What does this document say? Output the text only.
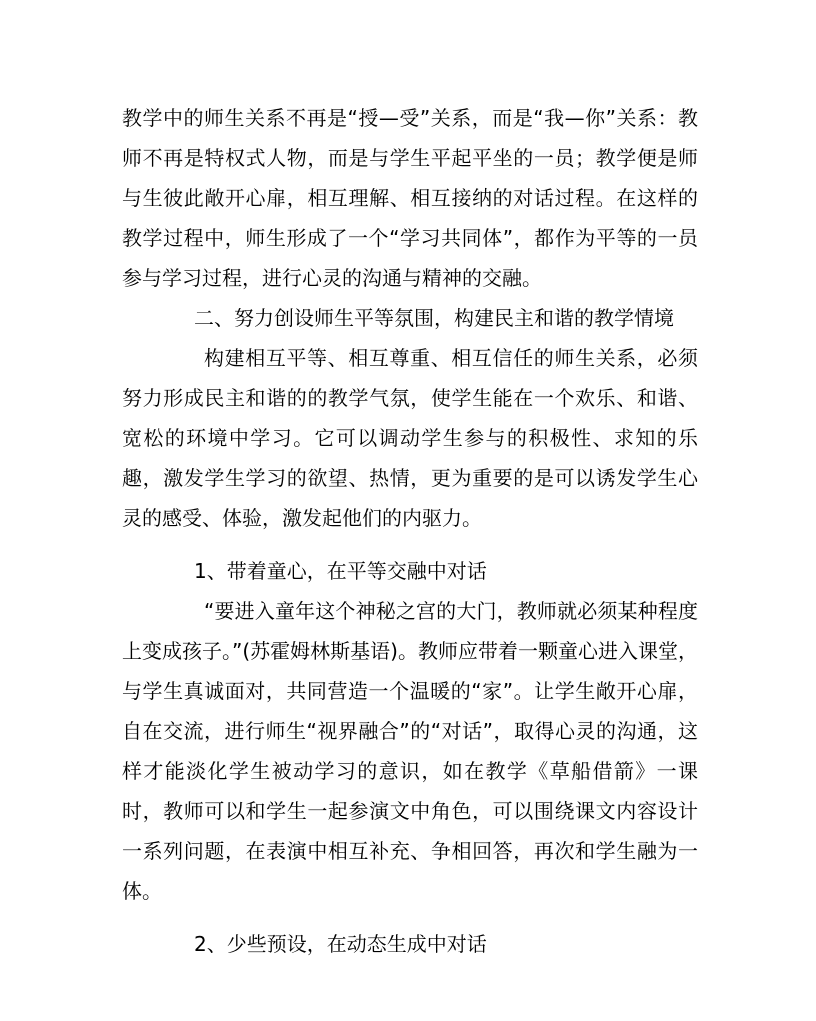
教学中的师生关系不再是“授—受”关系，而是“我—你”关系：教师不再是特权式人物，而是与学生平起平坐的一员；教学便是师与生彼此敞开心扉，相互理解、相互接纳的对话过程。在这样的教学过程中，师生形成了一个“学习共同体”，都作为平等的一员参与学习过程，进行心灵的沟通与精神的交融。

二、努力创设师生平等氛围，构建民主和谐的教学情境

构建相互平等、相互尊重、相互信任的师生关系，必须努力形成民主和谐的的教学气氛，使学生能在一个欢乐、和谐、宽松的环境中学习。它可以调动学生参与的积极性、求知的乐趣，激发学生学习的欲望、热情，更为重要的是可以诱发学生心灵的感受、体验，激发起他们的内驱力。

1、带着童心，在平等交融中对话

“要进入童年这个神秘之宫的大门，教师就必须某种程度上变成孩子。”(苏霍姆林斯基语)。教师应带着一颗童心进入课堂，与学生真诚面对，共同营造一个温暖的“家”。让学生敞开心扉，自在交流，进行师生“视界融合”的“对话”，取得心灵的沟通，这样才能淡化学生被动学习的意识，如在教学《草船借箭》一课时，教师可以和学生一起参演文中角色，可以围绕课文内容设计一系列问题，在表演中相互补充、争相回答，再次和学生融为一体。

2、少些预设，在动态生成中对话
